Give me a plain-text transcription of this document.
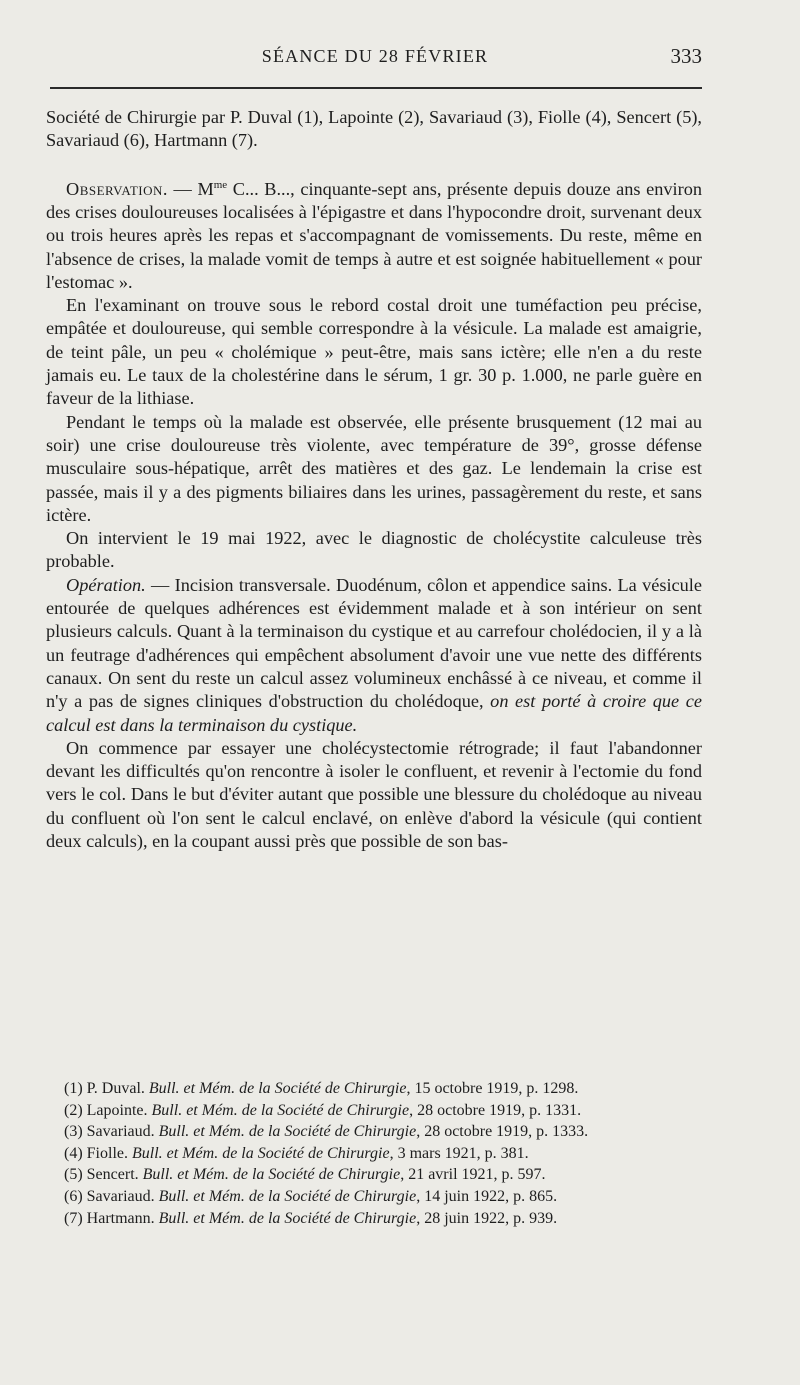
SÉANCE DU 28 FÉVRIER	333

Société de Chirurgie par P. Duval (1), Lapointe (2), Savariaud (3), Fiolle (4), Sencert (5), Savariaud (6), Hartmann (7).

Observation. — $M^{me}$ C... B..., cinquante-sept ans, présente depuis douze ans environ des crises douloureuses localisées à l'épigastre et dans l'hypocondre droit, survenant deux ou trois heures après les repas et s'accompagnant de vomissements. Du reste, même en l'absence de crises, la malade vomit de temps à autre et est soignée habituellement « pour l'estomac ».

En l'examinant on trouve sous le rebord costal droit une tuméfaction peu précise, empâtée et douloureuse, qui semble correspondre à la vésicule. La malade est amaigrie, de teint pâle, un peu « cholémique » peut-être, mais sans ictère; elle n'en a du reste jamais eu. Le taux de la cholestérine dans le sérum, 1 gr. 30 p. 1.000, ne parle guère en faveur de la lithiase.

Pendant le temps où la malade est observée, elle présente brusquement (12 mai au soir) une crise douloureuse très violente, avec température de 39°, grosse défense musculaire sous-hépatique, arrêt des matières et des gaz. Le lendemain la crise est passée, mais il y a des pigments biliaires dans les urines, passagèrement du reste, et sans ictère.

On intervient le 19 mai 1922, avec le diagnostic de cholécystite calculeuse très probable.

Opération. — Incision transversale. Duodénum, côlon et appendice sains. La vésicule entourée de quelques adhérences est évidemment malade et à son intérieur on sent plusieurs calculs. Quant à la terminaison du cystique et au carrefour cholédocien, il y a là un feutrage d'adhérences qui empêchent absolument d'avoir une vue nette des différents canaux. On sent du reste un calcul assez volumineux enchâssé à ce niveau, et comme il n'y a pas de signes cliniques d'obstruction du cholédoque, on est porté à croire que ce calcul est dans la terminaison du cystique.

On commence par essayer une cholécystectomie rétrograde; il faut l'abandonner devant les difficultés qu'on rencontre à isoler le confluent, et revenir à l'ectomie du fond vers le col. Dans le but d'éviter autant que possible une blessure du cholédoque au niveau du confluent où l'on sent le calcul enclavé, on enlève d'abord la vésicule (qui contient deux calculs), en la coupant aussi près que possible de son bas-

(1) P. Duval. Bull. et Mém. de la Société de Chirurgie, 15 octobre 1919, p. 1298.

(2) Lapointe. Bull. et Mém. de la Société de Chirurgie, 28 octobre 1919, p. 1331.

(3) Savariaud. Bull. et Mém. de la Société de Chirurgie, 28 octobre 1919, p. 1333.

(4) Fiolle. Bull. et Mém. de la Société de Chirurgie, 3 mars 1921, p. 381.

(5) Sencert. Bull. et Mém. de la Société de Chirurgie, 21 avril 1921, p. 597.

(6) Savariaud. Bull. et Mém. de la Société de Chirurgie, 14 juin 1922, p. 865.

(7) Hartmann. Bull. et Mém. de la Société de Chirurgie, 28 juin 1922, p. 939.
